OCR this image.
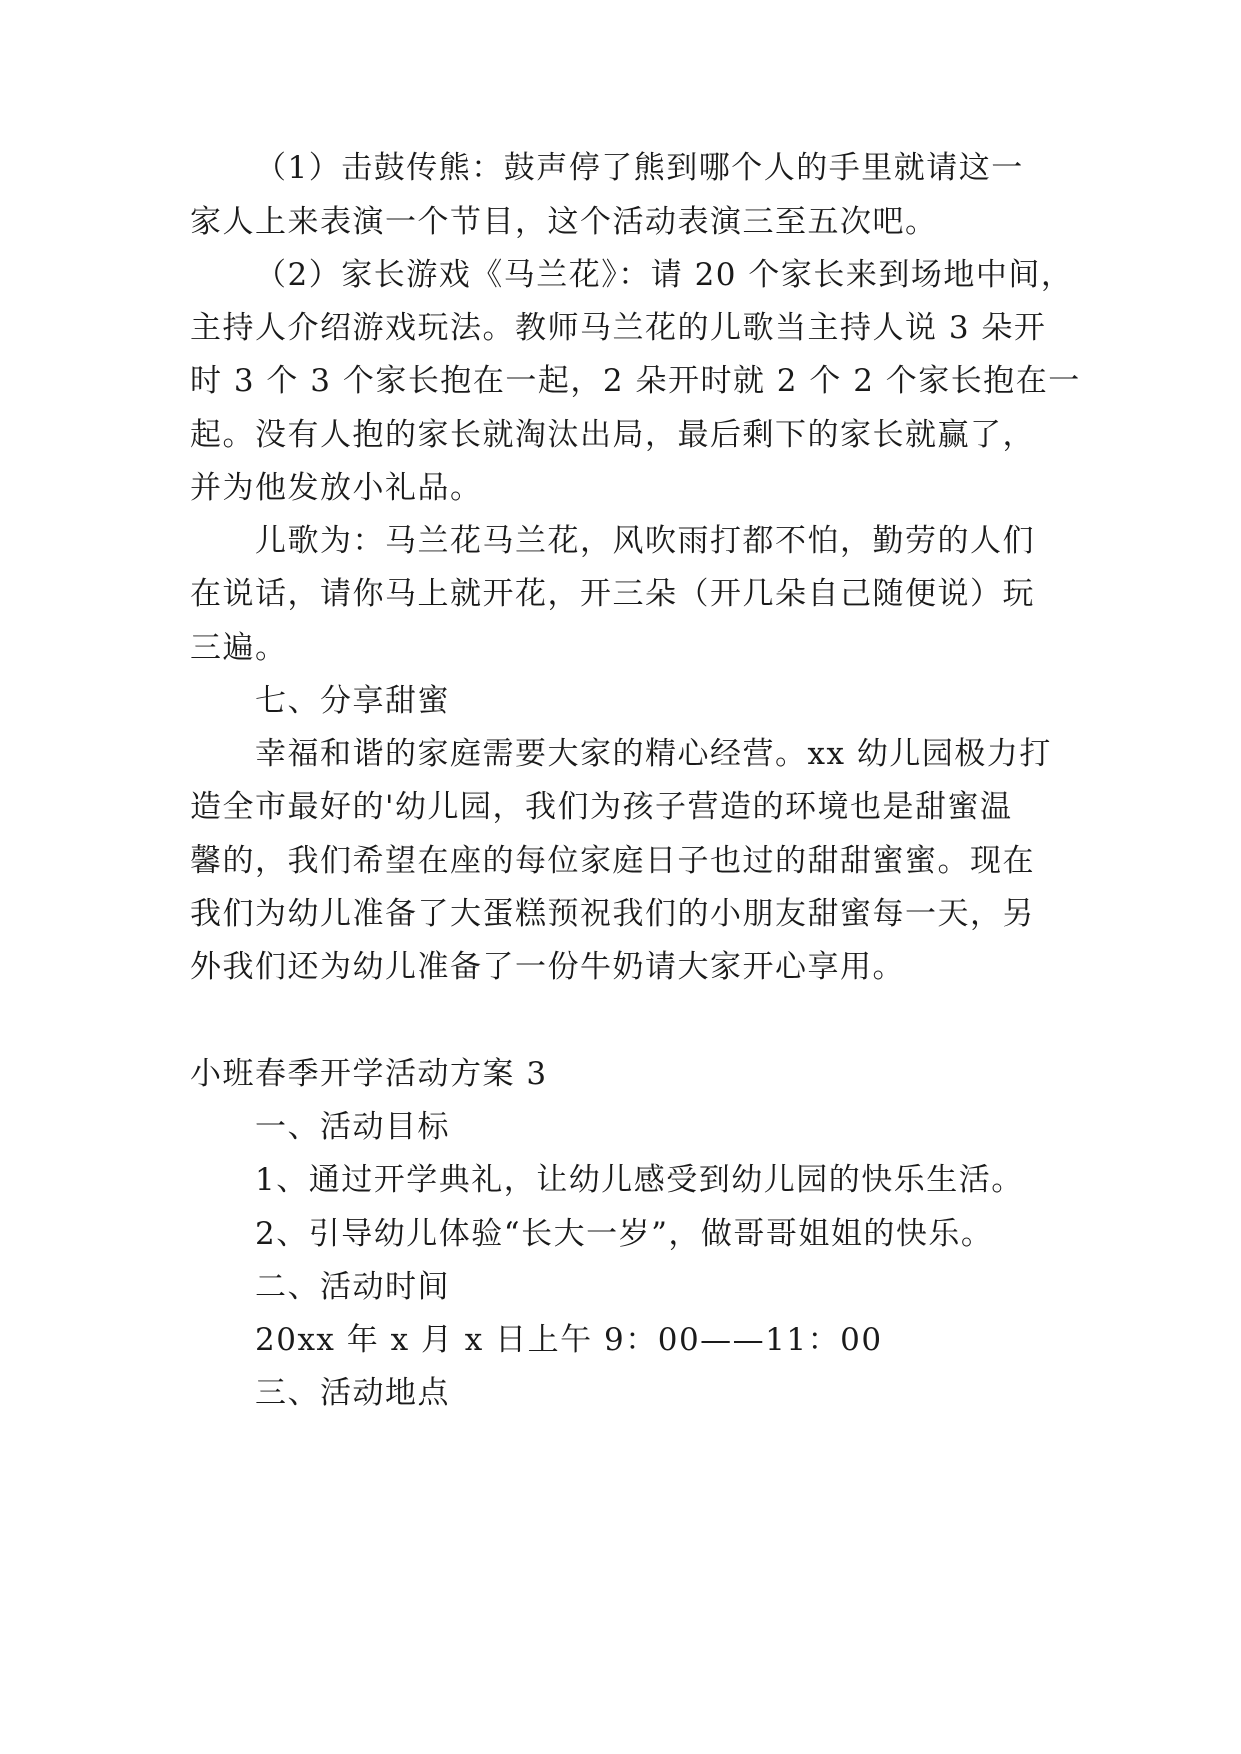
（1）击鼓传熊：鼓声停了熊到哪个人的手里就请这一
家人上来表演一个节目，这个活动表演三至五次吧。
（2）家长游戏《马兰花》：请 20 个家长来到场地中间，
主持人介绍游戏玩法。教师马兰花的儿歌当主持人说 3 朵开
时 3 个 3 个家长抱在一起，2 朵开时就 2 个 2 个家长抱在一
起。没有人抱的家长就淘汰出局，最后剩下的家长就赢了，
并为他发放小礼品。
儿歌为：马兰花马兰花，风吹雨打都不怕，勤劳的人们
在说话，请你马上就开花，开三朵（开几朵自己随便说）玩
三遍。
七、分享甜蜜
幸福和谐的家庭需要大家的精心经营。xx 幼儿园极力打
造全市最好的'幼儿园，我们为孩子营造的环境也是甜蜜温
馨的，我们希望在座的每位家庭日子也过的甜甜蜜蜜。现在
我们为幼儿准备了大蛋糕预祝我们的小朋友甜蜜每一天，另
外我们还为幼儿准备了一份牛奶请大家开心享用。
小班春季开学活动方案 3
一、活动目标
1、通过开学典礼，让幼儿感受到幼儿园的快乐生活。
2、引导幼儿体验“长大一岁”，做哥哥姐姐的快乐。
二、活动时间
20xx 年 x 月 x 日上午 9：00——11：00
三、活动地点
